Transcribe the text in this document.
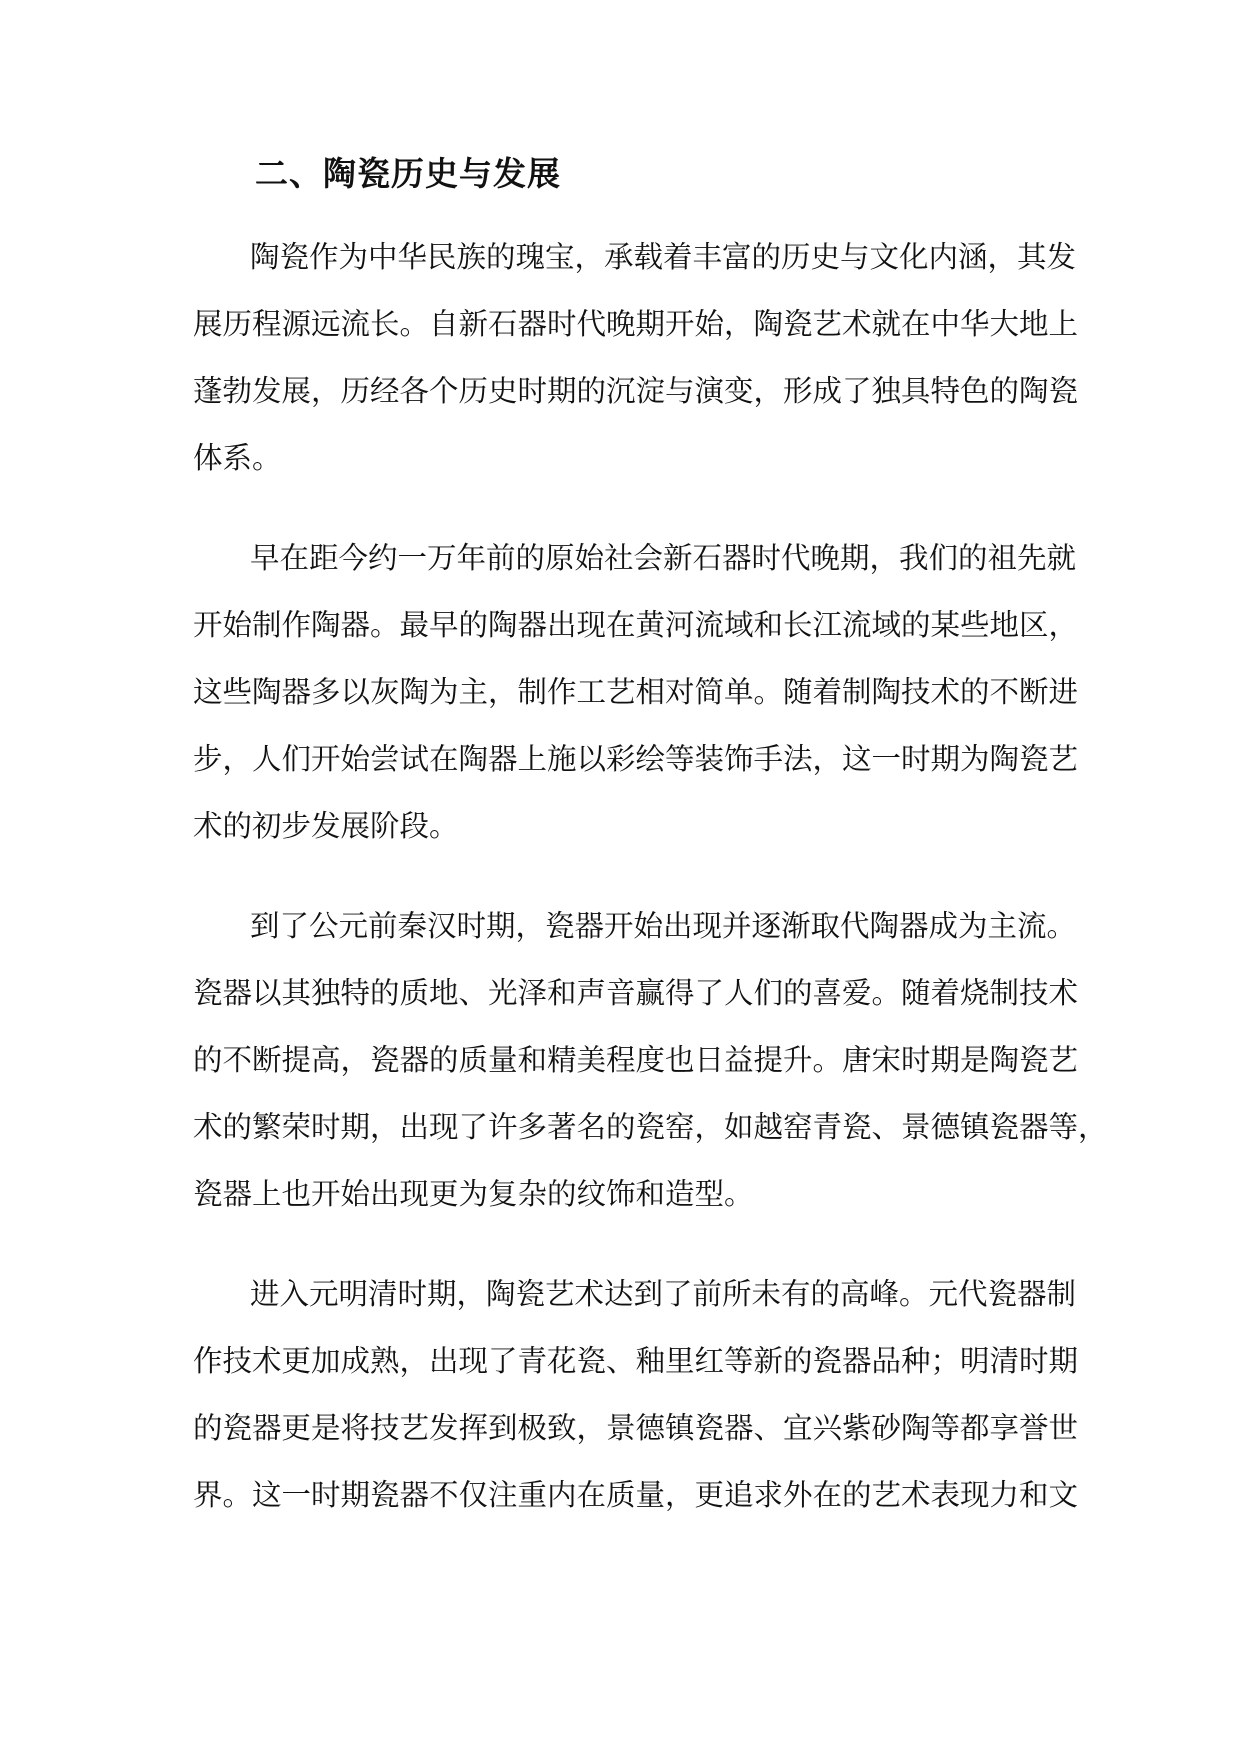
二、陶瓷历史与发展

陶瓷作为中华民族的瑰宝，承载着丰富的历史与文化内涵，其发

展历程源远流长。自新石器时代晚期开始，陶瓷艺术就在中华大地上

蓬勃发展，历经各个历史时期的沉淀与演变，形成了独具特色的陶瓷

体系。

早在距今约一万年前的原始社会新石器时代晚期，我们的祖先就

开始制作陶器。最早的陶器出现在黄河流域和长江流域的某些地区，

这些陶器多以灰陶为主，制作工艺相对简单。随着制陶技术的不断进

步，人们开始尝试在陶器上施以彩绘等装饰手法，这一时期为陶瓷艺

术的初步发展阶段。

到了公元前秦汉时期，瓷器开始出现并逐渐取代陶器成为主流。

瓷器以其独特的质地、光泽和声音赢得了人们的喜爱。随着烧制技术

的不断提高，瓷器的质量和精美程度也日益提升。唐宋时期是陶瓷艺

术的繁荣时期，出现了许多著名的瓷窑，如越窑青瓷、景德镇瓷器等，

瓷器上也开始出现更为复杂的纹饰和造型。

进入元明清时期，陶瓷艺术达到了前所未有的高峰。元代瓷器制

作技术更加成熟，出现了青花瓷、釉里红等新的瓷器品种；明清时期

的瓷器更是将技艺发挥到极致，景德镇瓷器、宜兴紫砂陶等都享誉世

界。这一时期瓷器不仅注重内在质量，更追求外在的艺术表现力和文
